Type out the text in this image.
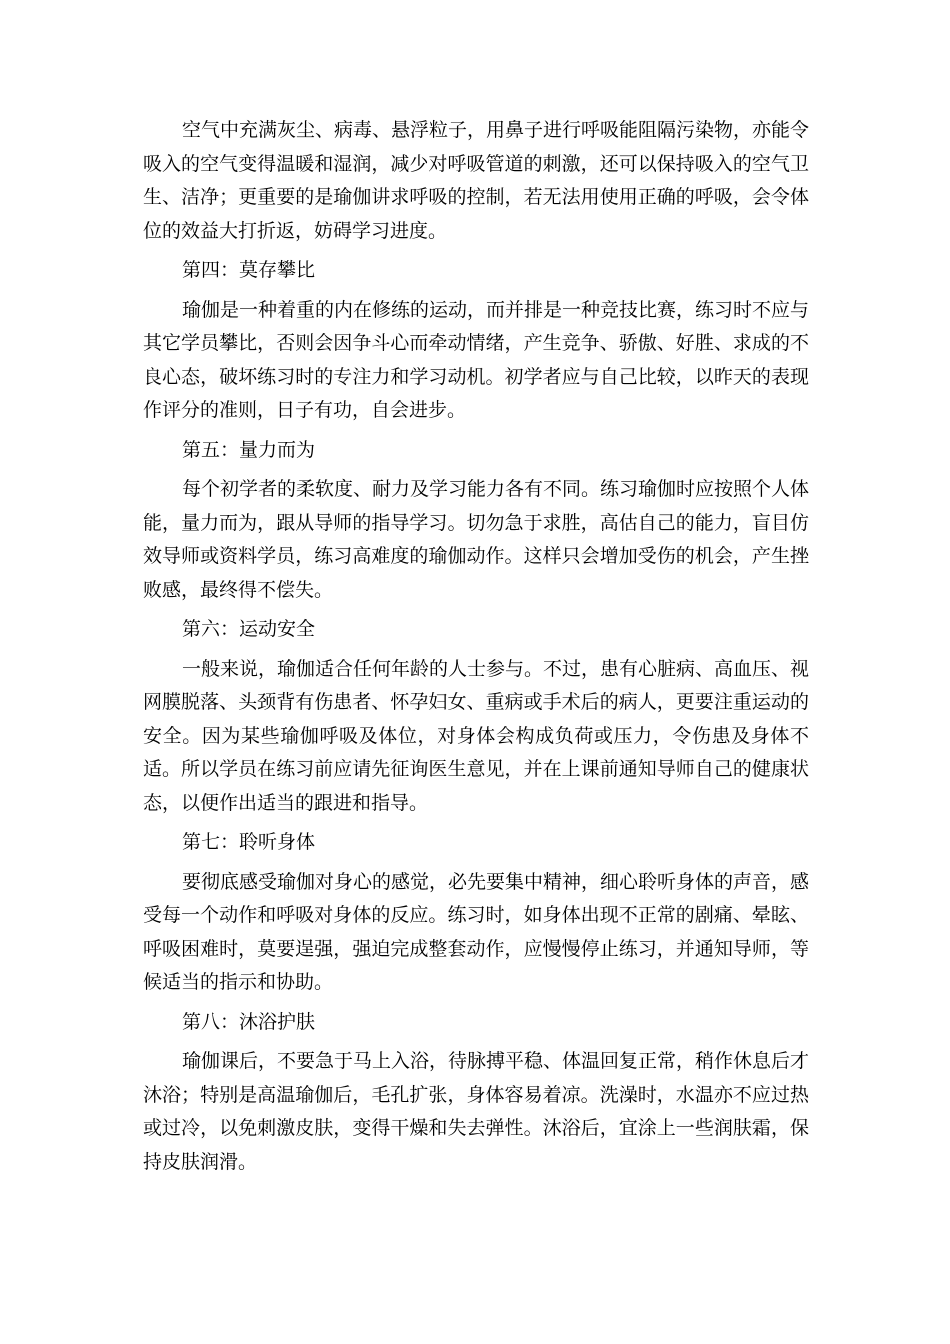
空气中充满灰尘、病毒、悬浮粒子，用鼻子进行呼吸能阻隔污染物，亦能令吸入的空气变得温暖和湿润，减少对呼吸管道的刺激，还可以保持吸入的空气卫生、洁净；更重要的是瑜伽讲求呼吸的控制，若无法用使用正确的呼吸，会令体位的效益大打折返，妨碍学习进度。

第四：莫存攀比

瑜伽是一种着重的内在修练的运动，而并排是一种竞技比赛，练习时不应与其它学员攀比，否则会因争斗心而牵动情绪，产生竞争、骄傲、好胜、求成的不良心态，破坏练习时的专注力和学习动机。初学者应与自己比较，以昨天的表现作评分的准则，日子有功，自会进步。

第五：量力而为

每个初学者的柔软度、耐力及学习能力各有不同。练习瑜伽时应按照个人体能，量力而为，跟从导师的指导学习。切勿急于求胜，高估自己的能力，盲目仿效导师或资料学员，练习高难度的瑜伽动作。这样只会增加受伤的机会，产生挫败感，最终得不偿失。

第六：运动安全

一般来说，瑜伽适合任何年龄的人士参与。不过，患有心脏病、高血压、视网膜脱落、头颈背有伤患者、怀孕妇女、重病或手术后的病人，更要注重运动的安全。因为某些瑜伽呼吸及体位，对身体会构成负荷或压力，令伤患及身体不适。所以学员在练习前应请先征询医生意见，并在上课前通知导师自己的健康状态，以便作出适当的跟进和指导。

第七：聆听身体

要彻底感受瑜伽对身心的感觉，必先要集中精神，细心聆听身体的声音，感受每一个动作和呼吸对身体的反应。练习时，如身体出现不正常的剧痛、晕眩、呼吸困难时，莫要逞强，强迫完成整套动作，应慢慢停止练习，并通知导师，等候适当的指示和协助。

第八：沐浴护肤

瑜伽课后，不要急于马上入浴，待脉搏平稳、体温回复正常，稍作休息后才沐浴；特别是高温瑜伽后，毛孔扩张，身体容易着凉。洗澡时，水温亦不应过热或过冷，以免刺激皮肤，变得干燥和失去弹性。沐浴后，宜涂上一些润肤霜，保持皮肤润滑。
